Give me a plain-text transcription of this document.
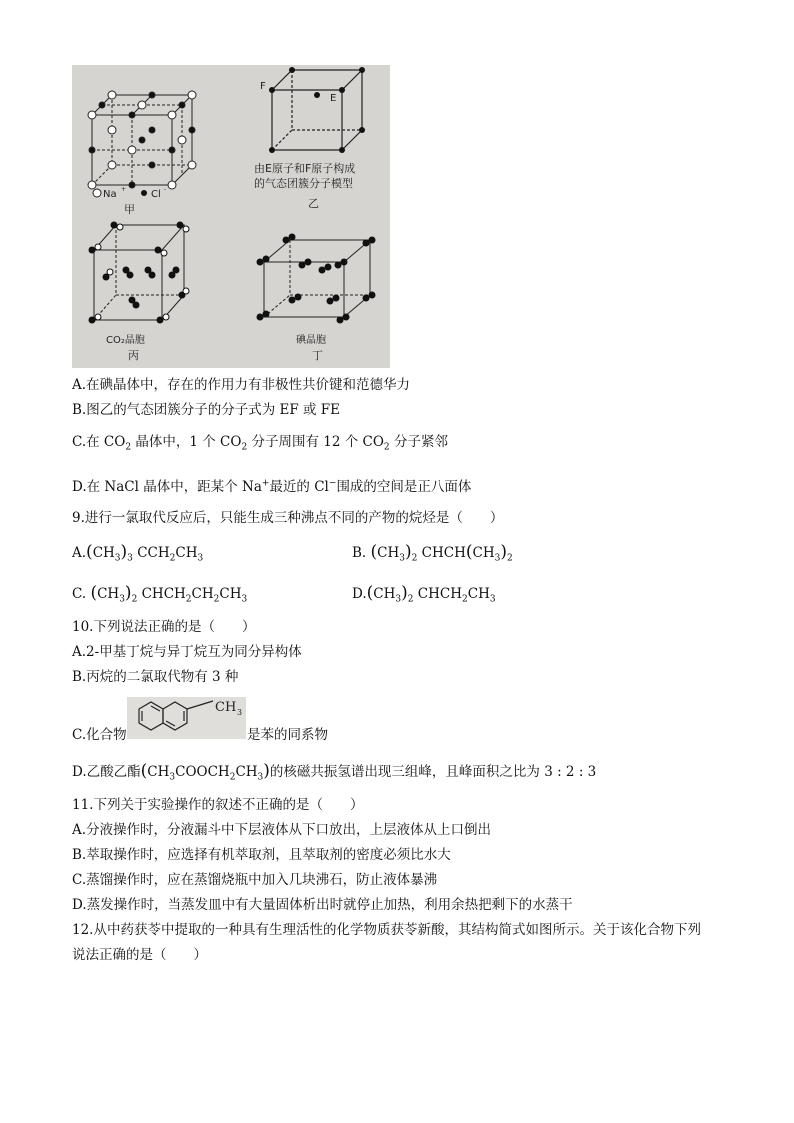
Na + Cl -
甲
F
E
由E原子和F原子构成
的气态团簇分子模型
乙
CO₂晶胞
丙
碘晶胞
丁
A.在碘晶体中，存在的作用力有非极性共价键和范德华力
B.图乙的气态团簇分子的分子式为 EF 或 FE
C.在 $CO_2$ 晶体中，1 个 $CO_2$ 分子周围有 12 个 $CO_2$ 分子紧邻
D.在 NaCl 晶体中，距某个 Na+最近的 Cl−围成的空间是正八面体
9.进行一氯取代反应后，只能生成三种沸点不同的产物的烷烃是（　　）
$A.(CH_3)_3$ $CCH_2CH_3$	B. $(CH_3)_2$ $CHCH(CH_3)_2$
C. $(CH_3)_2$ $CHCH_2CH_2CH_3$	$D.(CH_3)_2$ $CHCH_2CH_3$
10.下列说法正确的是（　　）
A.2-甲基丁烷与异丁烷互为同分异构体
B.丙烷的二氯取代物有 3 种
C.化合物
CH 3
是苯的同系物
D.乙酸乙酯$(CH_3COOCH_2CH_3)$的核磁共振氢谱出现三组峰，且峰面积之比为 3 : 2 : 3
11.下列关于实验操作的叙述不正确的是（　　）
A.分液操作时，分液漏斗中下层液体从下口放出，上层液体从上口倒出
B.萃取操作时，应选择有机萃取剂，且萃取剂的密度必须比水大
C.蒸馏操作时，应在蒸馏烧瓶中加入几块沸石，防止液体暴沸
D.蒸发操作时，当蒸发皿中有大量固体析出时就停止加热，利用余热把剩下的水蒸干
12.从中药获苓中提取的一种具有生理活性的化学物质获苓新酸，其结构简式如图所示。关于该化合物下列
说法正确的是（　　）
